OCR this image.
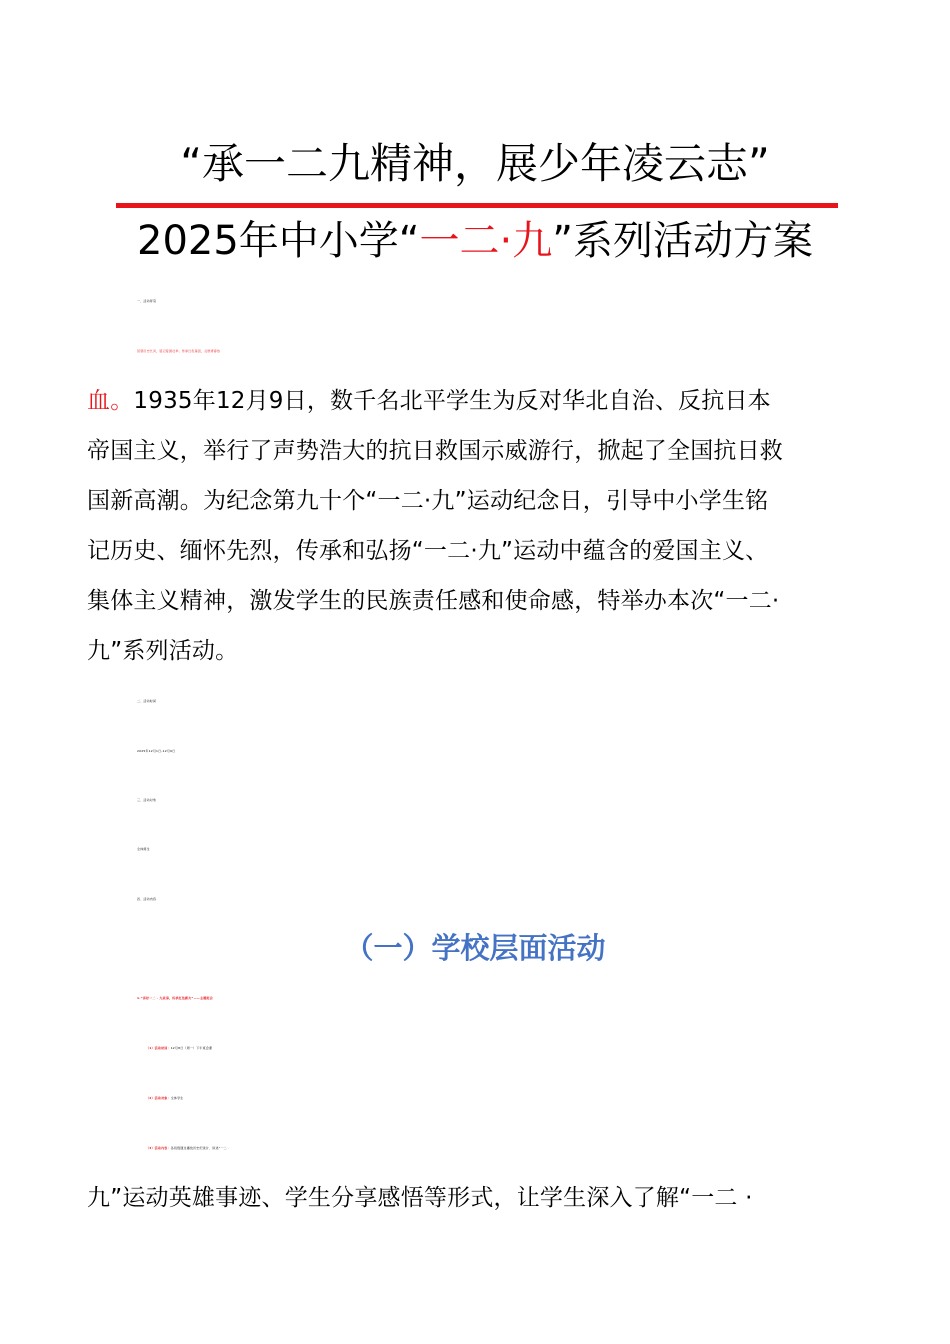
“承一二九精神，展少年凌云志”
2025年中小学“一二·九”系列活动方案
一、活动背景
回望历史长河，铭记爱国壮举；传承红色基因，点燃青春热
血。1935年12月9日，数千名北平学生为反对华北自治、反抗日本
帝国主义，举行了声势浩大的抗日救国示威游行，掀起了全国抗日救
国新高潮。为纪念第九十个“一二·九”运动纪念日，引导中小学生铭
记历史、缅怀先烈，传承和弘扬“一二·九”运动中蕴含的爱国主义、
集体主义精神，激发学生的民族责任感和使命感，特举办本次“一二·
九”系列活动。
二、活动时间
2025年12月1日-12月9日
三、活动对象
全体师生
四、活动内容
（一）学校层面活动
1.“讲好一二 · 九故事，传承红色薪火”——主题班会
（1）活动时间：12月8日（周一）下午班会课
（2）活动对象：全体学生
（3）活动内容：各班级通过播放历史纪录片、讲述“一二 ·
九”运动英雄事迹、学生分享感悟等形式，让学生深入了解“一二 ·
